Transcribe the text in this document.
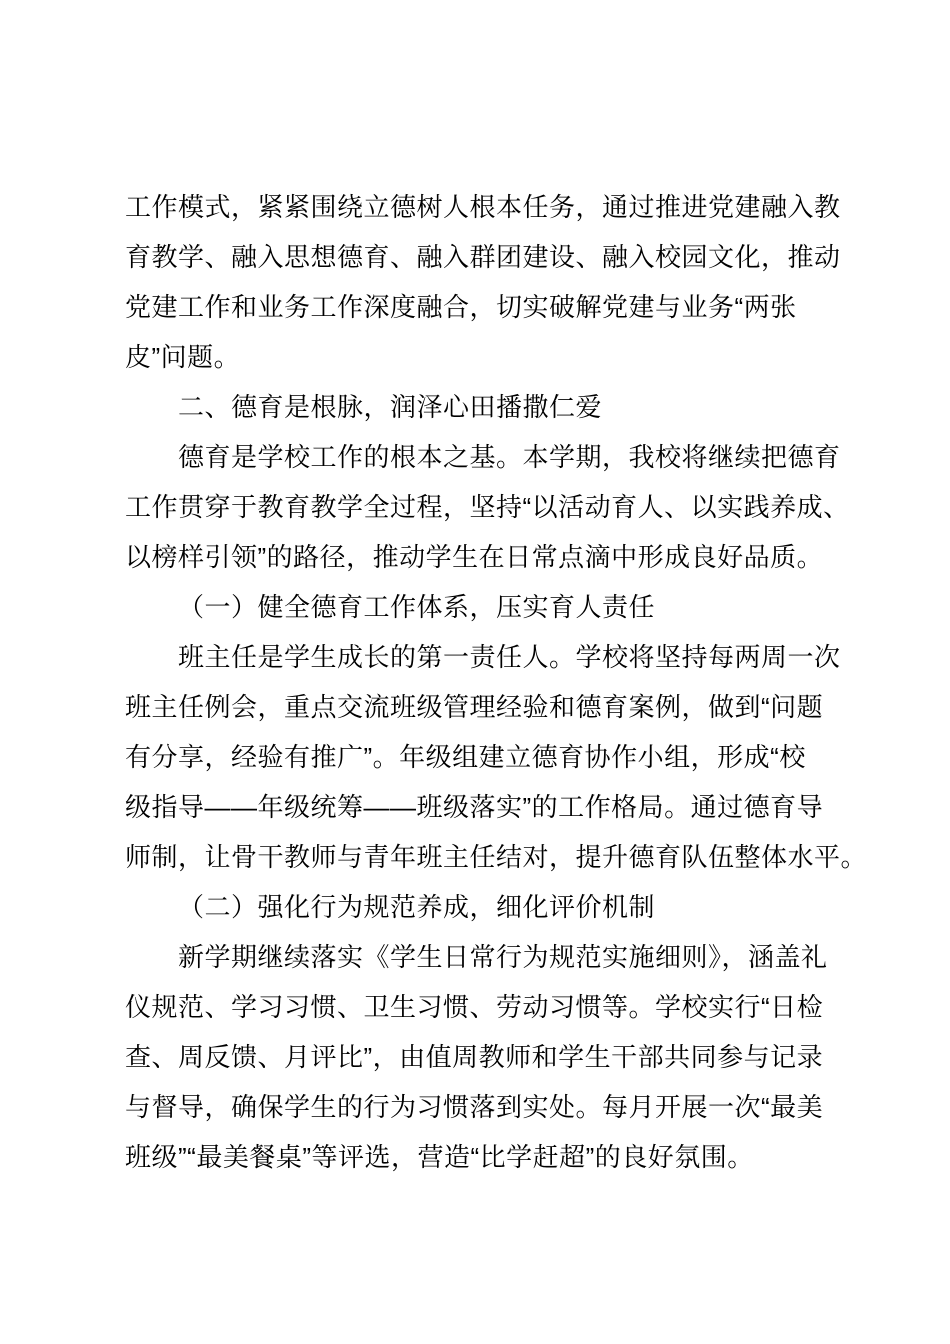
工作模式，紧紧围绕立德树人根本任务，通过推进党建融入教
育教学、融入思想德育、融入群团建设、融入校园文化，推动
党建工作和业务工作深度融合，切实破解党建与业务“两张
皮”问题。
二、德育是根脉，润泽心田播撒仁爱
德育是学校工作的根本之基。本学期，我校将继续把德育
工作贯穿于教育教学全过程，坚持“以活动育人、以实践养成、
以榜样引领”的路径，推动学生在日常点滴中形成良好品质。
（一）健全德育工作体系，压实育人责任
班主任是学生成长的第一责任人。学校将坚持每两周一次
班主任例会，重点交流班级管理经验和德育案例，做到“问题
有分享，经验有推广”。年级组建立德育协作小组，形成“校
级指导——年级统筹——班级落实”的工作格局。通过德育导
师制，让骨干教师与青年班主任结对，提升德育队伍整体水平。
（二）强化行为规范养成，细化评价机制
新学期继续落实《学生日常行为规范实施细则》，涵盖礼
仪规范、学习习惯、卫生习惯、劳动习惯等。学校实行“日检
查、周反馈、月评比”，由值周教师和学生干部共同参与记录
与督导，确保学生的行为习惯落到实处。每月开展一次“最美
班级”“最美餐桌”等评选，营造“比学赶超”的良好氛围。
